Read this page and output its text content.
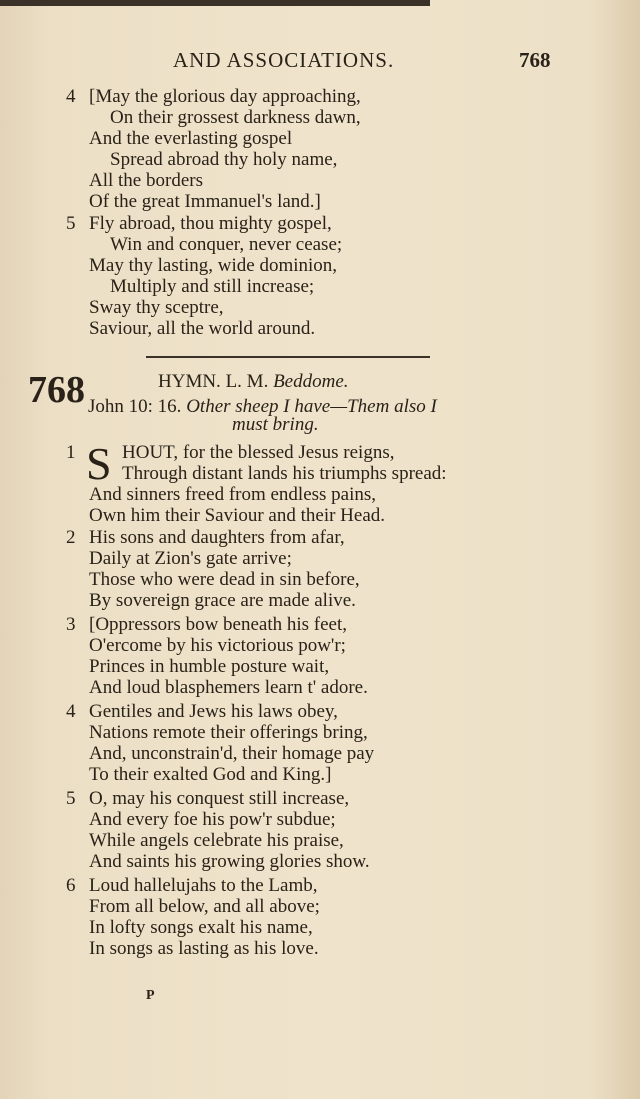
AND ASSOCIATIONS.	768
4 [May the glorious day approaching,
On their grossest darkness dawn,
And the everlasting gospel
Spread abroad thy holy name,
All the borders
Of the great Immanuel's land.]
5 Fly abroad, thou mighty gospel,
Win and conquer, never cease;
May thy lasting, wide dominion,
Multiply and still increase;
Sway thy sceptre,
Saviour, all the world around.
768	HYMN. L. M. Beddome.
John 10: 16. Other sheep I have—Them also I
must bring.
1 HOUT, for the blessed Jesus reigns,
Through distant lands his triumphs spread:
And sinners freed from endless pains,
Own him their Saviour and their Head.
S
2 His sons and daughters from afar,
Daily at Zion's gate arrive;
Those who were dead in sin before,
By sovereign grace are made alive.
3 [Oppressors bow beneath his feet,
O'ercome by his victorious pow'r;
Princes in humble posture wait,
And loud blasphemers learn t' adore.
4 Gentiles and Jews his laws obey,
Nations remote their offerings bring,
And, unconstrain'd, their homage pay
To their exalted God and King.]
5 O, may his conquest still increase,
And every foe his pow'r subdue;
While angels celebrate his praise,
And saints his growing glories show.
6 Loud hallelujahs to the Lamb,
From all below, and all above;
In lofty songs exalt his name,
In songs as lasting as his love.
P
